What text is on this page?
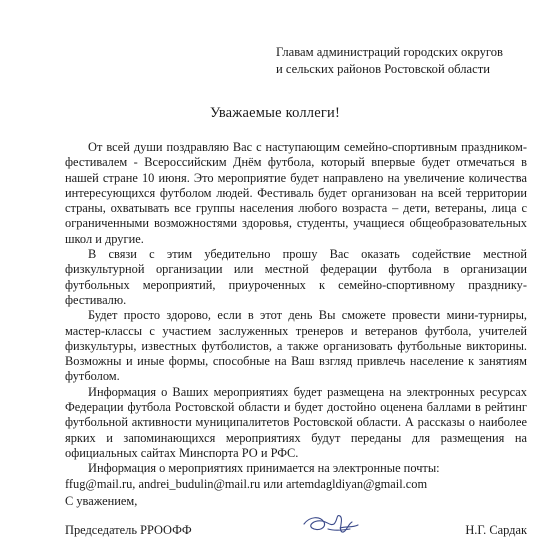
Главам администраций городских округов
и сельских районов Ростовской области
Уважаемые коллеги!

От всей души поздравляю Вас с наступающим семейно-спортивным праздником-фестивалем - Всероссийским Днём футбола, который впервые будет отмечаться в нашей стране 10 июня. Это мероприятие будет направлено на увеличение количества интересующихся футболом людей. Фестиваль будет организован на всей территории страны, охватывать все группы населения любого возраста – дети, ветераны, лица с ограниченными возможностями здоровья, студенты, учащиеся общеобразовательных школ и другие.

В связи с этим убедительно прошу Вас оказать содействие местной физкультурной организации или местной федерации футбола в организации футбольных мероприятий, приуроченных к семейно-спортивному празднику-фестивалю.

Будет просто здорово, если в этот день Вы сможете провести мини-турниры, мастер-классы с участием заслуженных тренеров и ветеранов футбола, учителей физкультуры, известных футболистов, а также организовать футбольные викторины. Возможны и иные формы, способные на Ваш взгляд привлечь население к занятиям футболом.

Информация о Ваших мероприятиях будет размещена на электронных ресурсах Федерации футбола Ростовской области и будет достойно оценена баллами в рейтинг футбольной активности муниципалитетов Ростовской области. А рассказы о наиболее ярких и запоминающихся мероприятиях будут переданы для размещения на официальных сайтах Минспорта РО и РФС.

Информация о мероприятиях принимается на электронные почты:

ffug@mail.ru, andrei_budulin@mail.ru или artemdagldiyan@gmail.com

С уважением,
Председатель РРООФФ	Н.Г. Сардак
